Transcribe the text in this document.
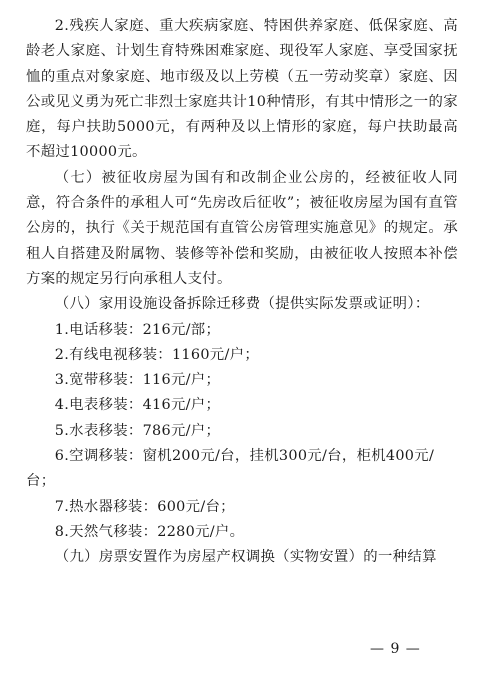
2.残疾人家庭、重大疾病家庭、特困供养家庭、低保家庭、高龄老人家庭、计划生育特殊困难家庭、现役军人家庭、享受国家抚恤的重点对象家庭、地市级及以上劳模（五一劳动奖章）家庭、因公或见义勇为死亡非烈士家庭共计10种情形，有其中情形之一的家庭，每户扶助5000元，有两种及以上情形的家庭，每户扶助最高不超过10000元。

（七）被征收房屋为国有和改制企业公房的，经被征收人同意，符合条件的承租人可“先房改后征收”；被征收房屋为国有直管公房的，执行《关于规范国有直管公房管理实施意见》的规定。承租人自搭建及附属物、装修等补偿和奖励，由被征收人按照本补偿方案的规定另行向承租人支付。

（八）家用设施设备拆除迁移费（提供实际发票或证明）：

1.电话移装：216元/部；

2.有线电视移装：1160元/户；

3.宽带移装：116元/户；

4.电表移装：416元/户；

5.水表移装：786元/户；

6.空调移装：窗机200元/台，挂机300元/台，柜机400元/台；

7.热水器移装：600元/台；

8.天然气移装：2280元/户。

（九）房票安置作为房屋产权调换（实物安置）的一种结算

— 9 —
